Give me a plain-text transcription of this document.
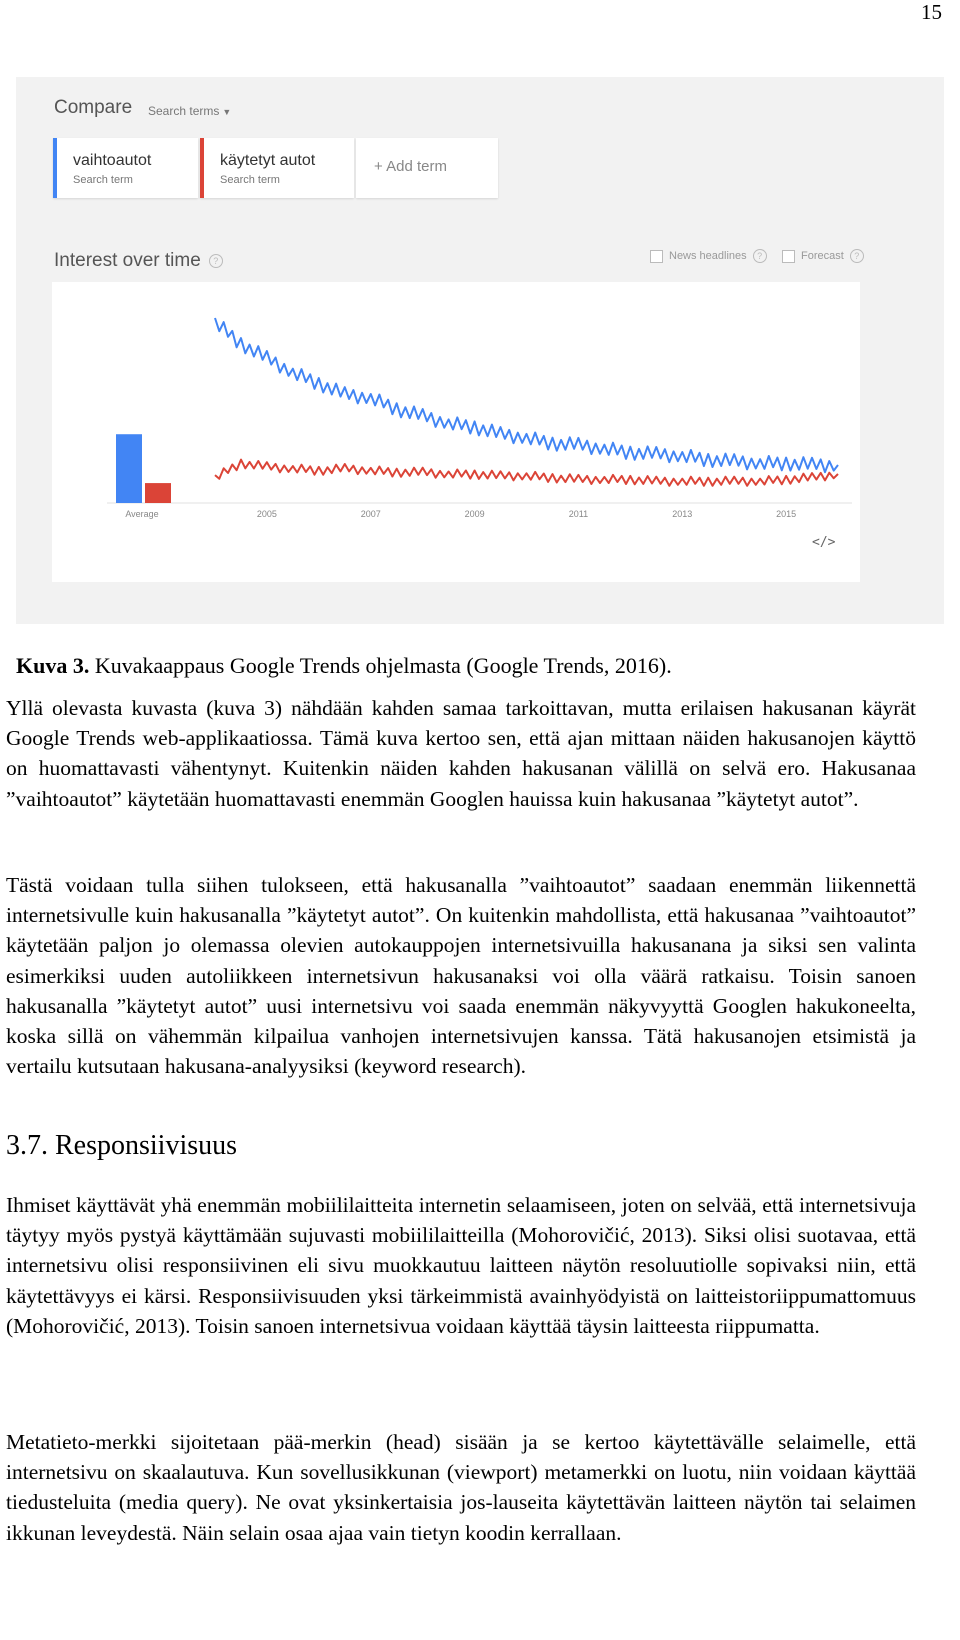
15
Compare Search terms ▼
vaihtoautot
Search term
käytetyt autot
Search term
+ Add term
Interest over time ?	News headlines	?	Forecast	?
Average	2005	2007	2009	2011	2013	2015
</>
Kuva 3. Kuvakaappaus Google Trends ohjelmasta (Google Trends, 2016).

Yllä olevasta kuvasta (kuva 3) nähdään kahden samaa tarkoittavan, mutta erilaisen hakusanan käyrät Google Trends web-applikaatiossa. Tämä kuva kertoo sen, että ajan mittaan näiden hakusanojen käyttö on huomattavasti vähentynyt. Kuitenkin näiden kahden hakusanan välillä on selvä ero. Hakusanaa ”vaihtoautot” käytetään huomattavasti enemmän Googlen hauissa kuin hakusanaa ”käytetyt autot”.

Tästä voidaan tulla siihen tulokseen, että hakusanalla ”vaihtoautot” saadaan enemmän liikennettä internetsivulle kuin hakusanalla ”käytetyt autot”. On kuitenkin mahdollista, että hakusanaa ”vaihtoautot” käytetään paljon jo olemassa olevien autokauppojen internetsivuilla hakusanana ja siksi sen valinta esimerkiksi uuden autoliikkeen internetsivun hakusanaksi voi olla väärä ratkaisu. Toisin sanoen hakusanalla ”käytetyt autot” uusi internetsivu voi saada enemmän näkyvyyttä Googlen hakukoneelta, koska sillä on vähemmän kilpailua vanhojen internetsivujen kanssa. Tätä hakusanojen etsimistä ja vertailu kutsutaan hakusana-analyysiksi (keyword research).

3.7. Responsiivisuus

Ihmiset käyttävät yhä enemmän mobiililaitteita internetin selaamiseen, joten on selvää, että internetsivuja täytyy myös pystyä käyttämään sujuvasti mobiililaitteilla (Mohorovičić, 2013). Siksi olisi suotavaa, että internetsivu olisi responsiivinen eli sivu muokkautuu laitteen näytön resoluutiolle sopivaksi niin, että käytettävyys ei kärsi. Responsiivisuuden yksi tärkeimmistä avainhyödyistä on laitteistoriippumattomuus (Mohorovičić, 2013). Toisin sanoen internetsivua voidaan käyttää täysin laitteesta riippumatta.

Metatieto-merkki sijoitetaan pää-merkin (head) sisään ja se kertoo käytettävälle selaimelle, että internetsivu on skaalautuva. Kun sovellusikkunan (viewport) metamerkki on luotu, niin voidaan käyttää tiedusteluita (media query). Ne ovat yksinkertaisia jos-lauseita käytettävän laitteen näytön tai selaimen ikkunan leveydestä. Näin selain osaa ajaa vain tietyn koodin kerrallaan.
